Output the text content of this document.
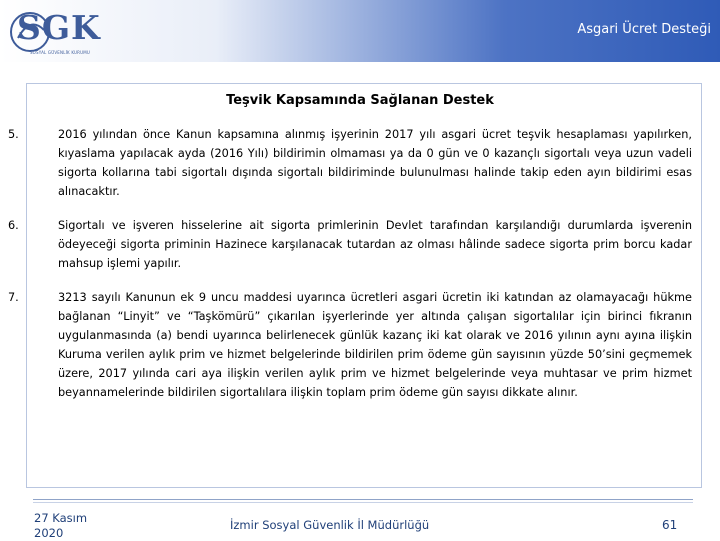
SGK
SOSYAL GÜVENLİK KURUMU
Asgari Ücret Desteği
Teşvik Kapsamında Sağlanan Destek
5.	2016 yılından önce Kanun kapsamına alınmış işyerinin 2017 yılı asgari ücret teşvik hesaplaması yapılırken, kıyaslama yapılacak ayda (2016 Yılı) bildirimin olmaması ya da 0 gün ve 0 kazançlı sigortalı veya uzun vadeli sigorta kollarına tabi sigortalı dışında sigortalı bildiriminde bulunulması halinde takip eden ayın bildirimi esas alınacaktır.
6.	Sigortalı ve işveren hisselerine ait sigorta primlerinin Devlet tarafından karşılandığı durumlarda işverenin ödeyeceği sigorta priminin Hazinece karşılanacak tutardan az olması hâlinde sadece sigorta prim borcu kadar mahsup işlemi yapılır.
7.	3213 sayılı Kanunun ek 9 uncu maddesi uyarınca ücretleri asgari ücretin iki katından az olamayacağı hükme bağlanan “Linyit” ve “Taşkömürü” çıkarılan işyerlerinde yer altında çalışan sigortalılar için birinci fıkranın uygulanmasında (a) bendi uyarınca belirlenecek günlük kazanç iki kat olarak ve 2016 yılının aynı ayına ilişkin Kuruma verilen aylık prim ve hizmet belgelerinde bildirilen prim ödeme gün sayısının yüzde 50’sini geçmemek üzere, 2017 yılında cari aya ilişkin verilen aylık prim ve hizmet belgelerinde veya muhtasar ve prim hizmet beyannamelerinde bildirilen sigortalılara ilişkin toplam prim ödeme gün sayısı dikkate alınır.
27 Kasım
2020
İzmir Sosyal Güvenlik İl Müdürlüğü	61
